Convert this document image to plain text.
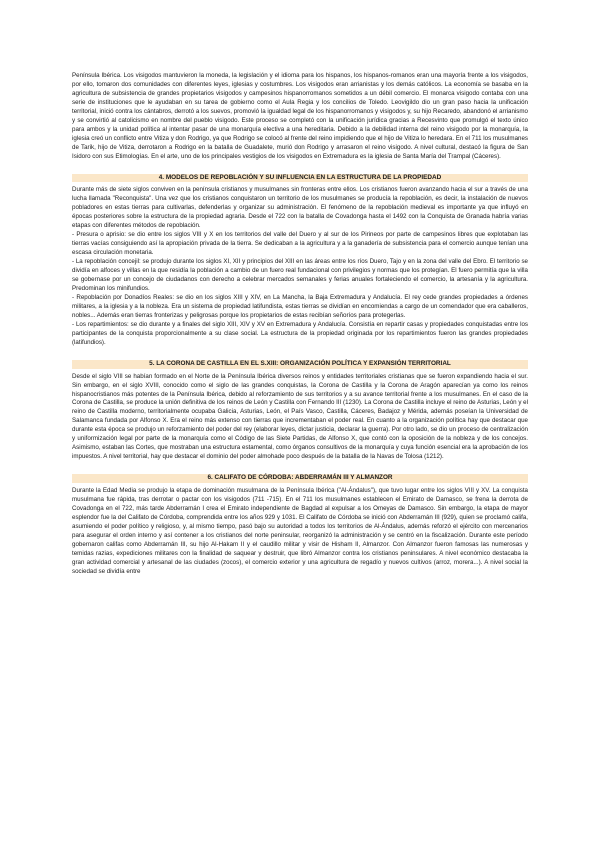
Península Ibérica. Los visigodos mantuvieron la moneda, la legislación y el idioma para los hispanos, los hispanos-romanos eran una mayoría frente a los visigodos, por ello, tomaron dos comunidades con diferentes leyes, iglesias y costumbres. Los visigodos eran arrianistas y los demás católicos. La economía se basaba en la agricultura de subsistencia de grandes propietarios visigodos y campesinos hispanorromanos sometidos a un débil comercio. El monarca visigodo contaba con una serie de instituciones que le ayudaban en su tarea de gobierno como el Aula Regia y los concilios de Toledo. Leovigildo dio un gran paso hacia la unificación territorial, inició contra los cántabros, derrotó a los suevos, promovió la igualdad legal de los hispanorromanos y visigodos y, su hijo Recaredo, abandonó el arrianismo y se convirtió al catolicismo en nombre del pueblo visigodo. Este proceso se completó con la unificación jurídica gracias a Recesvinto que promulgó el texto único para ambos y la unidad política al intentar pasar de una monarquía electiva a una hereditaria. Debido a la debilidad interna del reino visigodo por la monarquía, la iglesia creó un conflicto entre Vitiza y don Rodrigo, ya que Rodrigo se colocó al frente del reino impidiendo que el hijo de Vitiza lo heredara. En el 711 los musulmanes de Tarik, hijo de Vitiza, derrotaron a Rodrigo en la batalla de Guadalete, murió don Rodrigo y arrasaron el reino visigodo. A nivel cultural, destacó la figura de San Isidoro con sus Etimologías. En el arte, uno de los principales vestigios de los visigodos en Extremadura es la iglesia de Santa María del Trampal (Cáceres).

4. MODELOS DE REPOBLACIÓN Y SU INFLUENCIA EN LA ESTRUCTURA DE LA PROPIEDAD

Durante más de siete siglos conviven en la península cristianos y musulmanes sin fronteras entre ellos. Los cristianos fueron avanzando hacia el sur a través de una lucha llamada "Reconquista". Una vez que los cristianos conquistaron un territorio de los musulmanes se producía la repoblación, es decir, la instalación de nuevos pobladores en estas tierras para cultivarlas, defenderlas y organizar su administración. El fenómeno de la repoblación medieval es importante ya que influyó en épocas posteriores sobre la estructura de la propiedad agraria. Desde el 722 con la batalla de Covadonga hasta el 1492 con la Conquista de Granada habría varias etapas con diferentes métodos de repoblación.

- Presura o aprisio: se dio entre los siglos VIII y X en los territorios del valle del Duero y al sur de los Pirineos por parte de campesinos libres que explotaban las tierras vacías consiguiendo así la apropiación privada de la tierra. Se dedicaban a la agricultura y a la ganadería de subsistencia para el comercio aunque tenían una escasa circulación monetaria.

- La repoblación concejil: se produjo durante los siglos XI, XII y principios del XIII en las áreas entre los ríos Duero, Tajo y en la zona del valle del Ebro. El territorio se dividía en alfoces y villas en la que residía la población a cambio de un fuero real fundacional con privilegios y normas que los protegían. El fuero permitía que la villa se gobernase por un concejo de ciudadanos con derecho a celebrar mercados semanales y ferias anuales fortaleciendo el comercio, la artesanía y la agricultura. Predominan los minifundios.

- Repoblación por Donadíos Reales: se dio en los siglos XIII y XIV, en La Mancha, la Baja Extremadura y Andalucía. El rey cede grandes propiedades a órdenes militares, a la iglesia y a la nobleza. Era un sistema de propiedad latifundista, estas tierras se dividían en encomiendas a cargo de un comendador que era caballeros, nobles... Además eran tierras fronterizas y peligrosas porque los propietarios de estas recibían señoríos para protegerlas.

- Los repartimientos: se dio durante y a finales del siglo XIII, XIV y XV en Extremadura y Andalucía. Consistía en repartir casas y propiedades conquistadas entre los participantes de la conquista proporcionalmente a su clase social. La estructura de la propiedad originada por los repartimientos fueron las grandes propiedades (latifundios).

5. LA CORONA DE CASTILLA EN EL S.XIII: ORGANIZACIÓN POLÍTICA Y EXPANSIÓN TERRITORIAL

Desde el siglo VIII se habían formado en el Norte de la Península Ibérica diversos reinos y entidades territoriales cristianas que se fueron expandiendo hacia el sur. Sin embargo, en el siglo XVIII, conocido como el siglo de las grandes conquistas, la Corona de Castilla y la Corona de Aragón aparecían ya como los reinos hispanocristianos más potentes de la Península Ibérica, debido al reforzamiento de sus territorios y a su avance territorial frente a los musulmanes. En el caso de la Corona de Castilla, se produce la unión definitiva de los reinos de León y Castilla con Fernando III (1230). La Corona de Castilla incluye el reino de Asturias, León y el reino de Castilla moderno, territorialmente ocupaba Galicia, Asturias, León, el País Vasco, Castilla, Cáceres, Badajoz y Mérida, además poseían la Universidad de Salamanca fundada por Alfonso X. Era el reino más extenso con tierras que incrementaban el poder real. En cuanto a la organización política hay que destacar que durante esta época se produjo un reforzamiento del poder del rey (elaborar leyes, dictar justicia, declarar la guerra). Por otro lado, se dio un proceso de centralización y uniformización legal por parte de la monarquía como el Código de las Siete Partidas, de Alfonso X, que contó con la oposición de la nobleza y de los concejos. Asimismo, estaban las Cortes, que mostraban una estructura estamental, como órganos consultivos de la monarquía y cuya función esencial era la aprobación de los impuestos. A nivel territorial, hay que destacar el dominio del poder almohade poco después de la batalla de la Navas de Tolosa (1212).

6. CALIFATO DE CÓRDOBA: ABDERRAMÁN III Y ALMANZOR

Durante la Edad Media se produjo la etapa de dominación musulmana de la Península Ibérica ("Al-Ándalus"), que tuvo lugar entre los siglos VIII y XV. La conquista musulmana fue rápida, tras derrotar o pactar con los visigodos (711 -715). En el 711 los musulmanes establecen el Emirato de Damasco, se frena la derrota de Covadonga en el 722, más tarde Abderramán I crea el Emirato independiente de Bagdad al expulsar a los Omeyas de Damasco. Sin embargo, la etapa de mayor esplendor fue la del Califato de Córdoba, comprendida entre los años 929 y 1031. El Califato de Córdoba se inició con Abderramán III (929), quien se proclamó califa, asumiendo el poder político y religioso, y, al mismo tiempo, pasó bajo su autoridad a todos los territorios de Al-Ándalus, además reforzó el ejército con mercenarios para asegurar el orden interno y así contener a los cristianos del norte peninsular, reorganizó la administración y se centró en la fiscalización. Durante este período gobernaron califas como Abderramán III, su hijo Al-Hakam II y el caudillo militar y visir de Hisham II, Almanzor. Con Almanzor fueron famosas las numerosas y temidas razias, expediciones militares con la finalidad de saquear y destruir, que libró Almanzor contra los cristianos peninsulares. A nivel económico destacaba la gran actividad comercial y artesanal de las ciudades (zocos), el comercio exterior y una agricultura de regadío y nuevos cultivos (arroz, morera...). A nivel social la sociedad se dividía entre
